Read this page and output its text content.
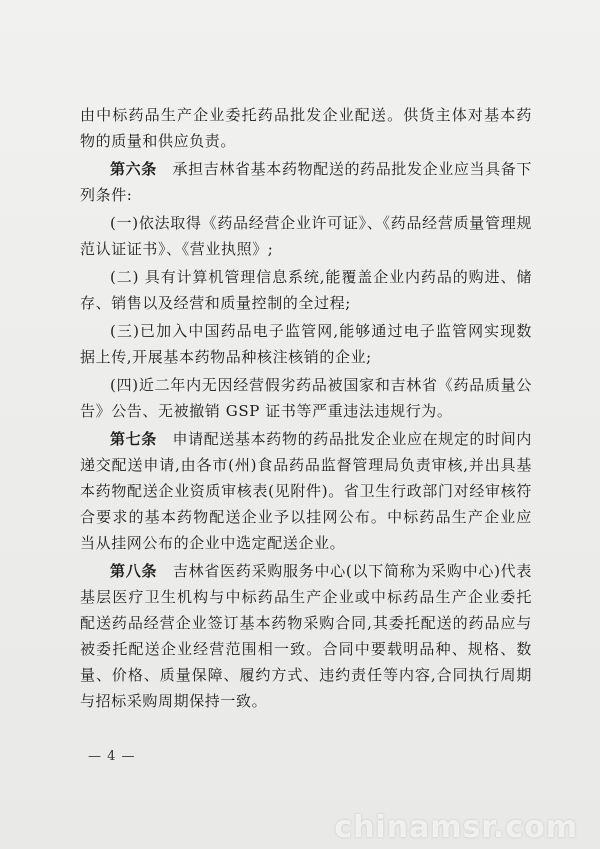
由中标药品生产企业委托药品批发企业配送。供货主体对基本药物的质量和供应负责。

第六条　 承担吉林省基本药物配送的药品批发企业应当具备下列条件:

(一)依法取得《药品经营企业许可证》、《药品经营质量管理规范认证证书》、《营业执照》;

(二) 具有计算机管理信息系统,能覆盖企业内药品的购进、储存、销售以及经营和质量控制的全过程;

(三)已加入中国药品电子监管网,能够通过电子监管网实现数据上传,开展基本药物品种核注核销的企业;

(四)近二年内无因经营假劣药品被国家和吉林省《药品质量公告》公告、无被撤销 GSP 证书等严重违法违规行为。

第七条　 申请配送基本药物的药品批发企业应在规定的时间内递交配送申请,由各市(州)食品药品监督管理局负责审核,并出具基本药物配送企业资质审核表(见附件)。省卫生行政部门对经审核符合要求的基本药物配送企业予以挂网公布。中标药品生产企业应当从挂网公布的企业中选定配送企业。

第八条　 吉林省医药采购服务中心(以下简称为采购中心)代表基层医疗卫生机构与中标药品生产企业或中标药品生产企业委托配送药品经营企业签订基本药物采购合同,其委托配送的药品应与被委托配送企业经营范围相一致。合同中要载明品种、规格、数量、价格、质量保障、履约方式、违约责任等内容,合同执行周期与招标采购周期保持一致。

— 4 —
chinamsr.com
